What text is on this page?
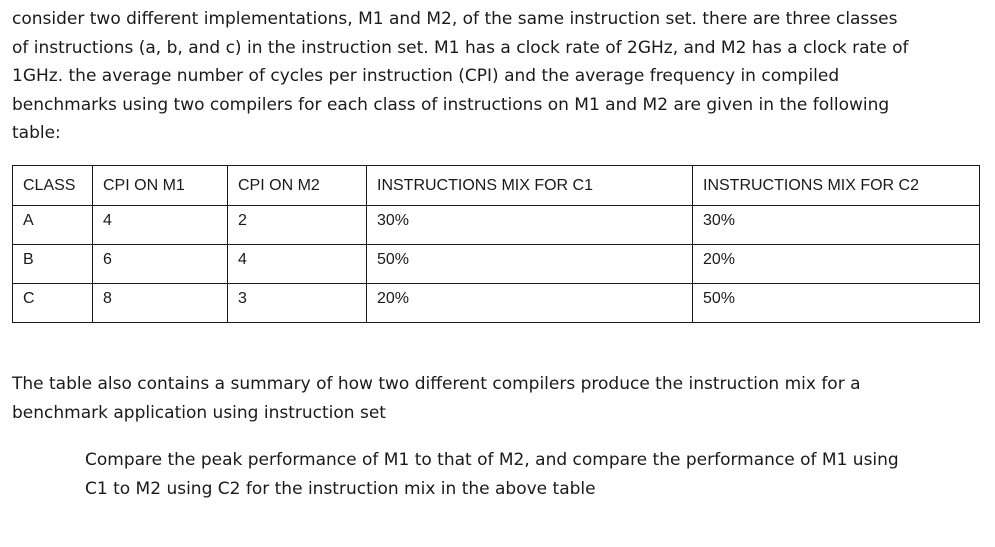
consider two different implementations, M1 and M2, of the same instruction set. there are three classes
of instructions (a, b, and c) in the instruction set. M1 has a clock rate of 2GHz, and M2 has a clock rate of
1GHz. the average number of cycles per instruction (CPI) and the average frequency in compiled
benchmarks using two compilers for each class of instructions on M1 and M2 are given in the following
table:
CLASS	CPI ON M1	CPI ON M2	INSTRUCTIONS MIX FOR C1	INSTRUCTIONS MIX FOR C2
A	4	2	30%	30%
B	6	4	50%	20%
C	8	3	20%	50%
The table also contains a summary of how two different compilers produce the instruction mix for a
benchmark application using instruction set
Compare the peak performance of M1 to that of M2, and compare the performance of M1 using
C1 to M2 using C2 for the instruction mix in the above table
